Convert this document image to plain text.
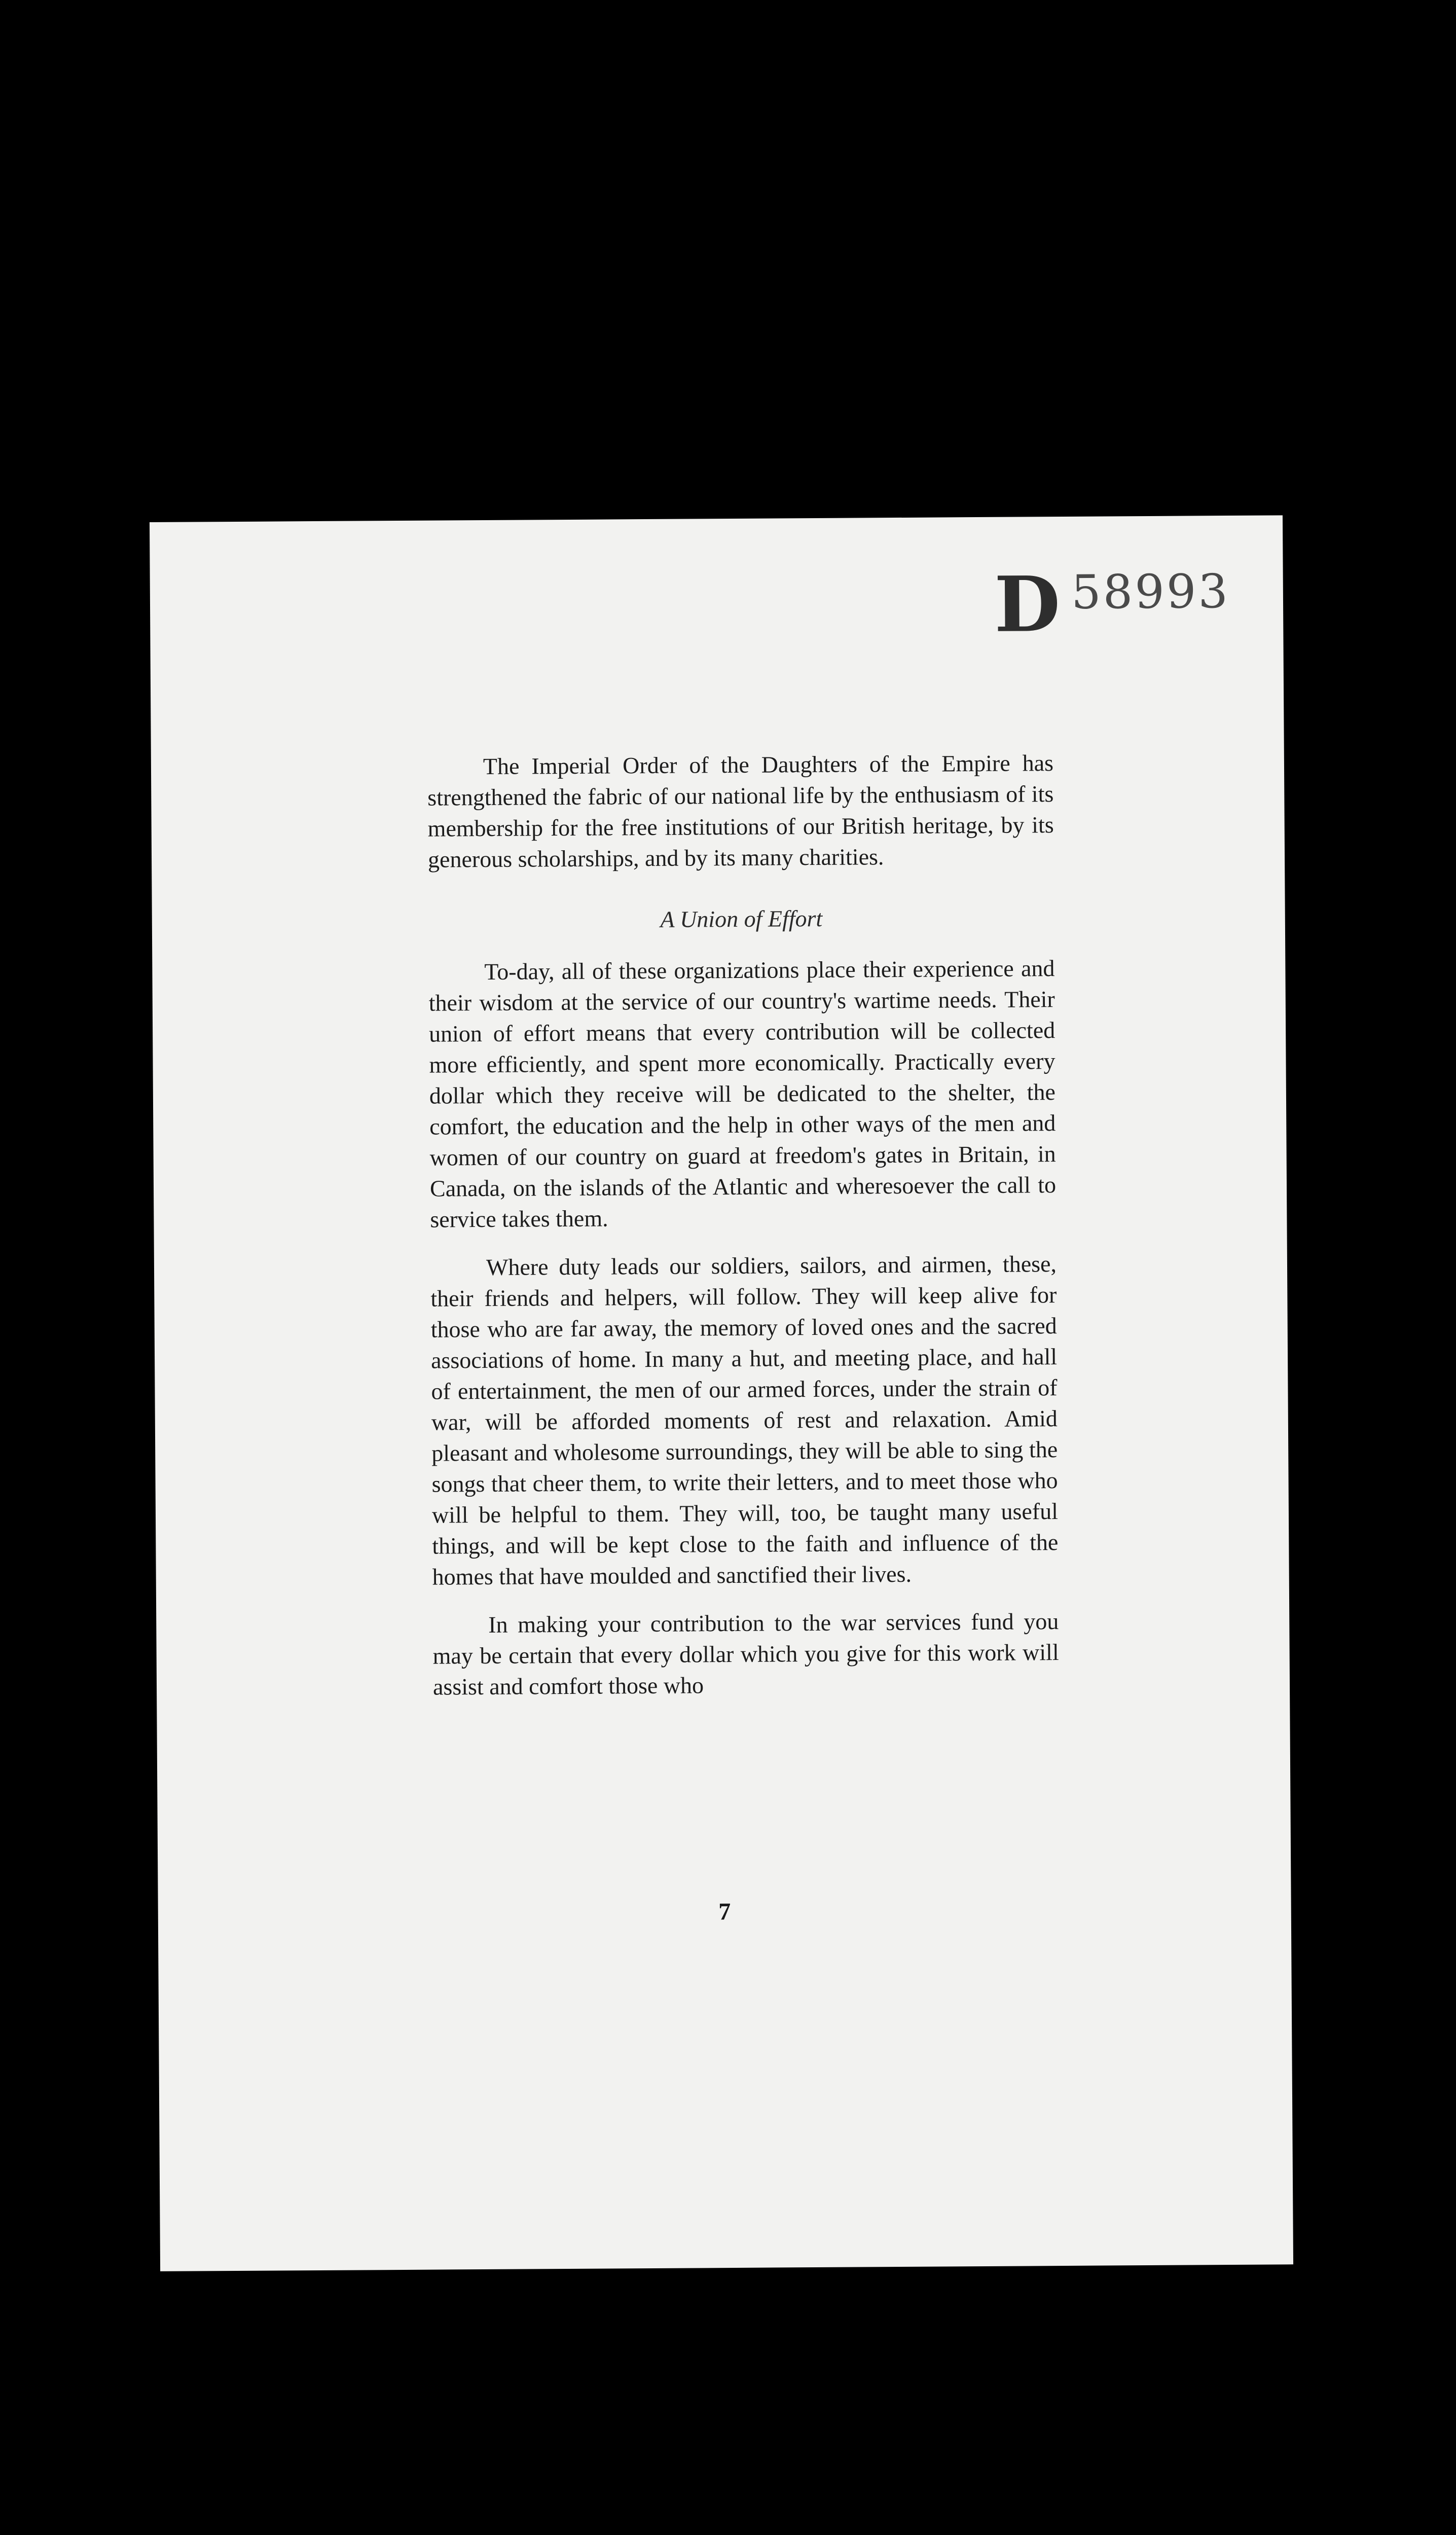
D 58993

The Imperial Order of the Daughters of the Empire has strengthened the fabric of our national life by the enthusiasm of its membership for the free institutions of our British heritage, by its generous scholarships, and by its many charities.

A Union of Effort

To-day, all of these organizations place their experience and their wisdom at the service of our country's wartime needs. Their union of effort means that every contribution will be collected more efficiently, and spent more economically. Practically every dollar which they receive will be dedicated to the shelter, the comfort, the education and the help in other ways of the men and women of our country on guard at freedom's gates in Britain, in Canada, on the islands of the Atlantic and wheresoever the call to service takes them.

Where duty leads our soldiers, sailors, and airmen, these, their friends and helpers, will follow. They will keep alive for those who are far away, the memory of loved ones and the sacred associations of home. In many a hut, and meeting place, and hall of entertainment, the men of our armed forces, under the strain of war, will be afforded moments of rest and relaxation. Amid pleasant and wholesome surroundings, they will be able to sing the songs that cheer them, to write their letters, and to meet those who will be helpful to them. They will, too, be taught many useful things, and will be kept close to the faith and influence of the homes that have moulded and sanctified their lives.

In making your contribution to the war services fund you may be certain that every dollar which you give for this work will assist and comfort those who

7
